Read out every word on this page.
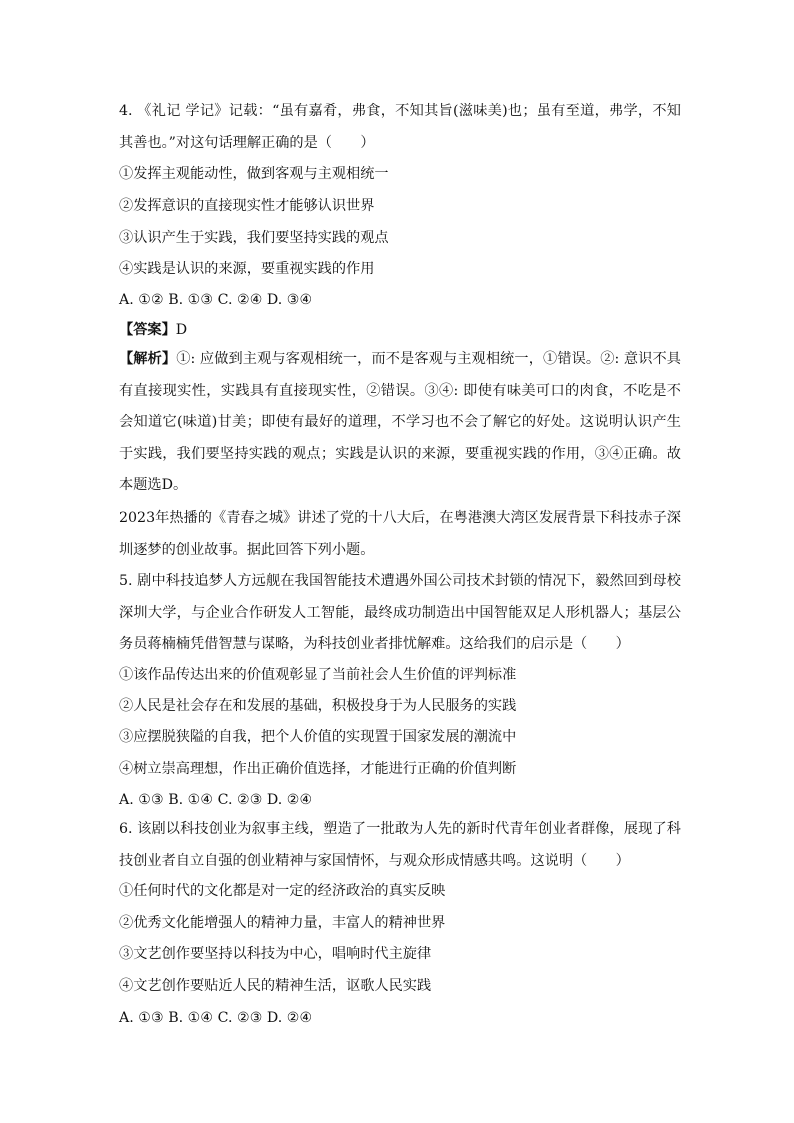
4. 《礼记 学记》记载：“虽有嘉肴，弗食，不知其旨(滋味美)也；虽有至道，弗学，不知其善也。”对这句话理解正确的是（　　）
①发挥主观能动性，做到客观与主观相统一
②发挥意识的直接现实性才能够认识世界
③认识产生于实践，我们要坚持实践的观点
④实践是认识的来源，要重视实践的作用
A. ①② B. ①③ C. ②④ D. ③④
【答案】D
【解析】①: 应做到主观与客观相统一，而不是客观与主观相统一，①错误。②: 意识不具有直接现实性，实践具有直接现实性，②错误。③④: 即使有味美可口的肉食，不吃是不会知道它(味道)甘美；即使有最好的道理，不学习也不会了解它的好处。这说明认识产生于实践，我们要坚持实践的观点；实践是认识的来源，要重视实践的作用，③④正确。故本题选D。
2023年热播的《青春之城》讲述了党的十八大后，在粤港澳大湾区发展背景下科技赤子深圳逐梦的创业故事。据此回答下列小题。
5. 剧中科技追梦人方远舰在我国智能技术遭遇外国公司技术封锁的情况下，毅然回到母校深圳大学，与企业合作研发人工智能，最终成功制造出中国智能双足人形机器人；基层公务员蒋楠楠凭借智慧与谋略，为科技创业者排忧解难。这给我们的启示是（　　）
①该作品传达出来的价值观彰显了当前社会人生价值的评判标准
②人民是社会存在和发展的基础，积极投身于为人民服务的实践
③应摆脱狭隘的自我，把个人价值的实现置于国家发展的潮流中
④树立崇高理想，作出正确价值选择，才能进行正确的价值判断
A. ①③ B. ①④ C. ②③ D. ②④
6. 该剧以科技创业为叙事主线，塑造了一批敢为人先的新时代青年创业者群像，展现了科技创业者自立自强的创业精神与家国情怀，与观众形成情感共鸣。这说明（　　）
①任何时代的文化都是对一定的经济政治的真实反映
②优秀文化能增强人的精神力量，丰富人的精神世界
③文艺创作要坚持以科技为中心，唱响时代主旋律
④文艺创作要贴近人民的精神生活，讴歌人民实践
A. ①③ B. ①④ C. ②③ D. ②④
